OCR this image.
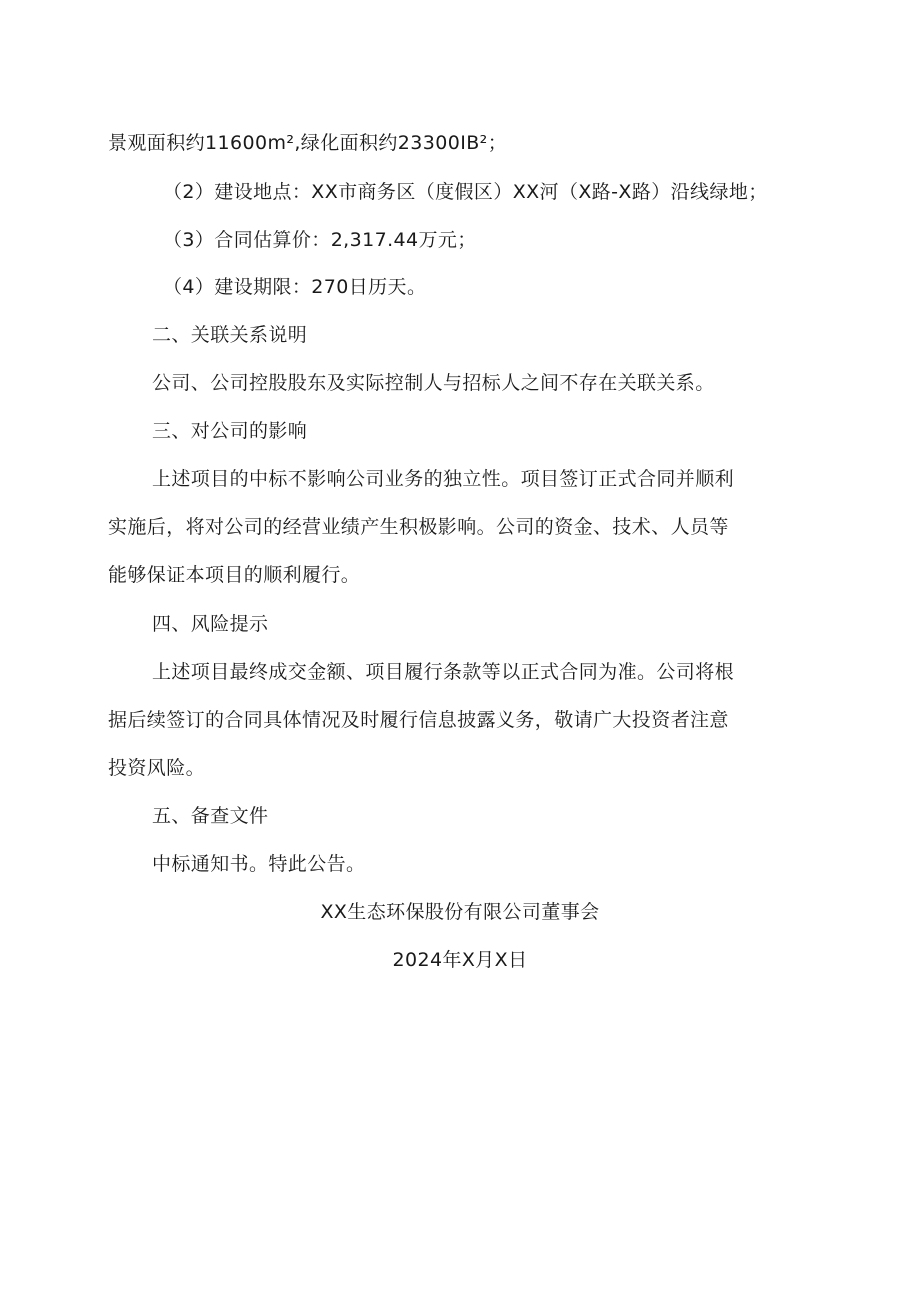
景观面积约11600m²,绿化面积约23300IB²；
（2）建设地点：XX市商务区（度假区）XX河（X路-X路）沿线绿地；
（3）合同估算价：2,317.44万元；
（4）建设期限：270日历天。
二、关联关系说明
公司、公司控股股东及实际控制人与招标人之间不存在关联关系。
三、对公司的影响
上述项目的中标不影响公司业务的独立性。项目签订正式合同并顺利
实施后，将对公司的经营业绩产生积极影响。公司的资金、技术、人员等
能够保证本项目的顺利履行。
四、风险提示
上述项目最终成交金额、项目履行条款等以正式合同为准。公司将根
据后续签订的合同具体情况及时履行信息披露义务，敬请广大投资者注意
投资风险。
五、备查文件
中标通知书。特此公告。
XX生态环保股份有限公司董事会
2024年X月X日
